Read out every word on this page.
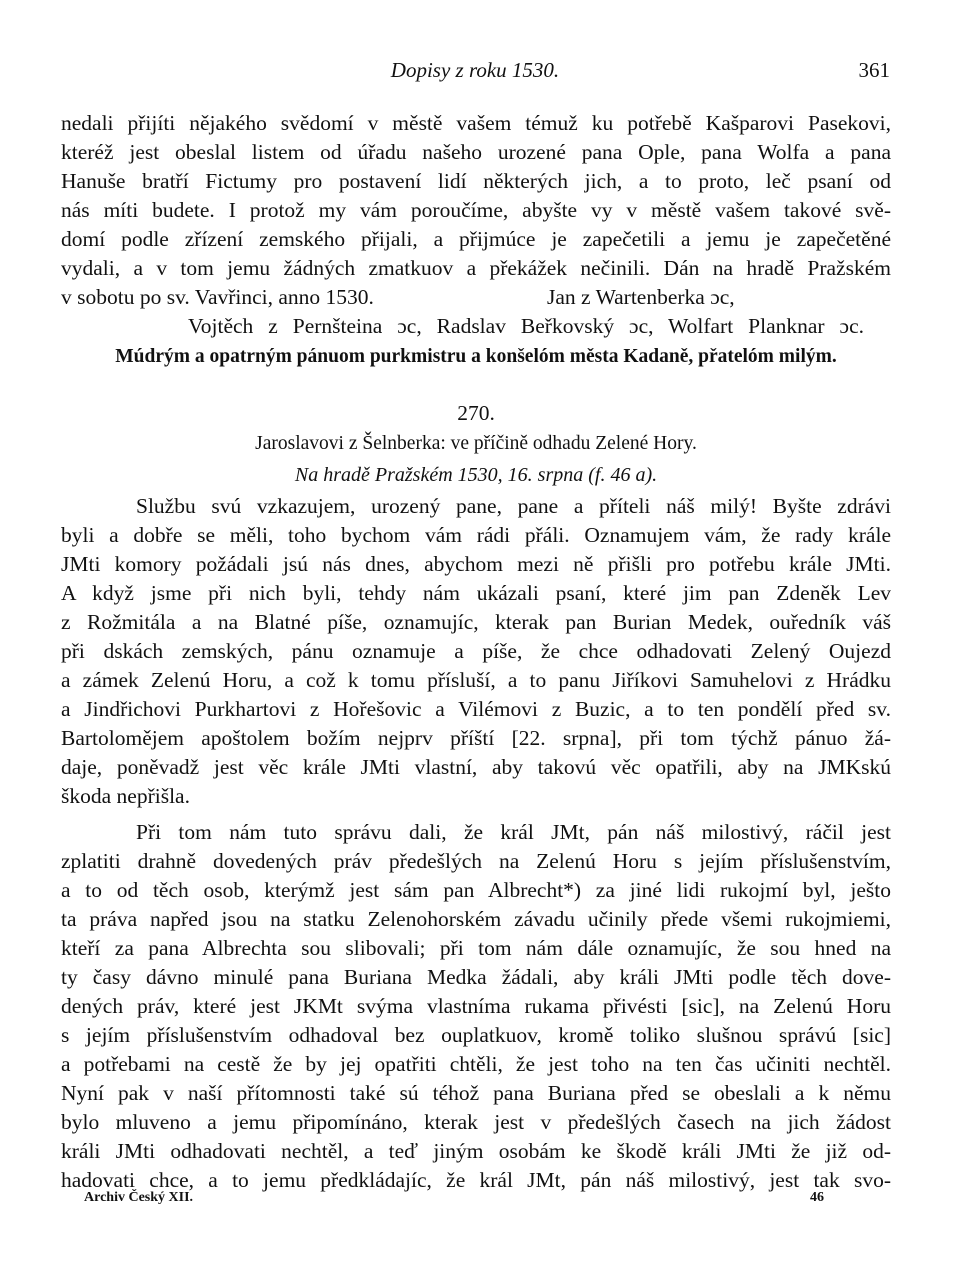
Dopisy z roku 1530.	361
nedali přijíti nějakého svědomí v městě vašem témuž ku potřebě Kašparovi Pasekovi,
kteréž jest obeslal listem od úřadu našeho urozené pana Ople, pana Wolfa a pana
Hanuše bratří Fictumy pro postavení lidí některých jich, a to proto, leč psaní od
nás míti budete. I protož my vám poroučíme, abyšte vy v městě vašem takové svě-
domí podle zřízení zemského přijali, a přijmúce je zapečetili a jemu je zapečetěné
vydali, a v tom jemu žádných zmatkuov a překážek nečinili. Dán na hradě Pražském
v sobotu po sv. Vavřinci, anno 1530.	Jan z Wartenberka ɔc,
Vojtěch z Pernšteina ɔc, Radslav Beřkovský ɔc, Wolfart Planknar ɔc.
Múdrým a opatrným pánuom purkmistru a konšelóm města Kadaně, přatelóm milým.
270.
Jaroslavovi z Šelnberka: ve příčině odhadu Zelené Hory.
Na hradě Pražském 1530, 16. srpna (f. 46 a).
Službu svú vzkazujem, urozený pane, pane a příteli náš milý! Byšte zdrávi
byli a dobře se měli, toho bychom vám rádi přáli. Oznamujem vám, že rady krále
JMti komory požádali jsú nás dnes, abychom mezi ně přišli pro potřebu krále JMti.
A když jsme při nich byli, tehdy nám ukázali psaní, které jim pan Zdeněk Lev
z Rožmitála a na Blatné píše, oznamujíc, kterak pan Burian Medek, ouředník váš
při dskách zemských, pánu oznamuje a píše, že chce odhadovati Zelený Oujezd
a zámek Zelenú Horu, a což k tomu přísluší, a to panu Jiříkovi Samuhelovi z Hrádku
a Jindřichovi Purkhartovi z Hořešovic a Vilémovi z Buzic, a to ten pondělí před sv.
Bartolomějem apoštolem božím nejprv příští [22. srpna], při tom týchž pánuo žá-
daje, poněvadž jest věc krále JMti vlastní, aby takovú věc opatřili, aby na JMKskú
škoda nepřišla.
Při tom nám tuto správu dali, že král JMt, pán náš milostivý, ráčil jest
zplatiti drahně dovedených práv předešlých na Zelenú Horu s jejím příslušenstvím,
a to od těch osob, kterýmž jest sám pan Albrecht*) za jiné lidi rukojmí byl, ješto
ta práva napřed jsou na statku Zelenohorském závadu učinily přede všemi rukojmiemi,
kteří za pana Albrechta sou slibovali; při tom nám dále oznamujíc, že sou hned na
ty časy dávno minulé pana Buriana Medka žádali, aby králi JMti podle těch dove-
dených práv, které jest JKMt svýma vlastníma rukama přivésti [sic], na Zelenú Horu
s jejím příslušenstvím odhadoval bez ouplatkuov, kromě toliko slušnou správú [sic]
a potřebami na cestě že by jej opatřiti chtěli, že jest toho na ten čas učiniti nechtěl.
Nyní pak v naší přítomnosti také sú téhož pana Buriana před se obeslali a k němu
bylo mluveno a jemu připomínáno, kterak jest v předešlých časech na jich žádost
králi JMti odhadovati nechtěl, a teď jiným osobám ke škodě králi JMti že již od-
hadovati chce, a to jemu předkládajíc, že král JMt, pán náš milostivý, jest tak svo-
Archiv Český XII.	46
